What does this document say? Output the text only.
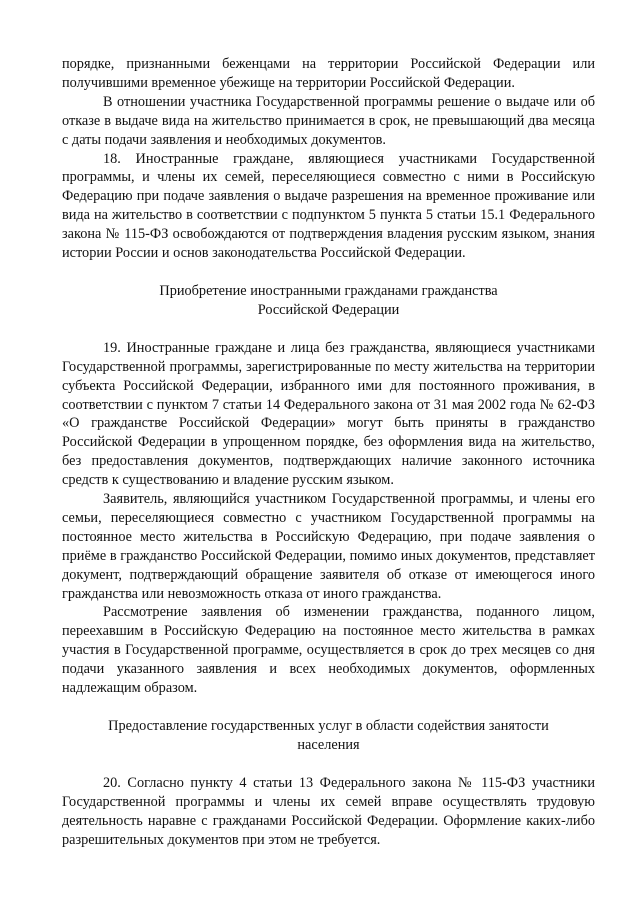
порядке, признанными беженцами на территории Российской Федерации или получившими временное убежище на территории Российской Федерации.

В отношении участника Государственной программы решение о выдаче или об отказе в выдаче вида на жительство принимается в срок, не превышающий два месяца с даты подачи заявления и необходимых документов.

18. Иностранные граждане, являющиеся участниками Государственной программы, и члены их семей, переселяющиеся совместно с ними в Российскую Федерацию при подаче заявления о выдаче разрешения на временное проживание или вида на жительство в соответствии с подпунктом 5 пункта 5 статьи 15.1 Федерального закона № 115-ФЗ освобождаются от подтверждения владения русским языком, знания истории России и основ законодательства Российской Федерации.

Приобретение иностранными гражданами гражданства
Российской Федерации

19. Иностранные граждане и лица без гражданства, являющиеся участниками Государственной программы, зарегистрированные по месту жительства на территории субъекта Российской Федерации, избранного ими для постоянного проживания, в соответствии с пунктом 7 статьи 14 Федерального закона от 31 мая 2002 года № 62-ФЗ «О гражданстве Российской Федерации» могут быть приняты в гражданство Российской Федерации в упрощенном порядке, без оформления вида на жительство, без предоставления документов, подтверждающих наличие законного источника средств к существованию и владение русским языком.

Заявитель, являющийся участником Государственной программы, и члены его семьи, переселяющиеся совместно с участником Государственной программы на постоянное место жительства в Российскую Федерацию, при подаче заявления о приёме в гражданство Российской Федерации, помимо иных документов, представляет документ, подтверждающий обращение заявителя об отказе от имеющегося иного гражданства или невозможность отказа от иного гражданства.

Рассмотрение заявления об изменении гражданства, поданного лицом, переехавшим в Российскую Федерацию на постоянное место жительства в рамках участия в Государственной программе, осуществляется в срок до трех месяцев со дня подачи указанного заявления и всех необходимых документов, оформленных надлежащим образом.

Предоставление государственных услуг в области содействия занятости
населения

20. Согласно пункту 4 статьи 13 Федерального закона № 115-ФЗ участники Государственной программы и члены их семей вправе осуществлять трудовую деятельность наравне с гражданами Российской Федерации. Оформление каких-либо разрешительных документов при этом не требуется.
